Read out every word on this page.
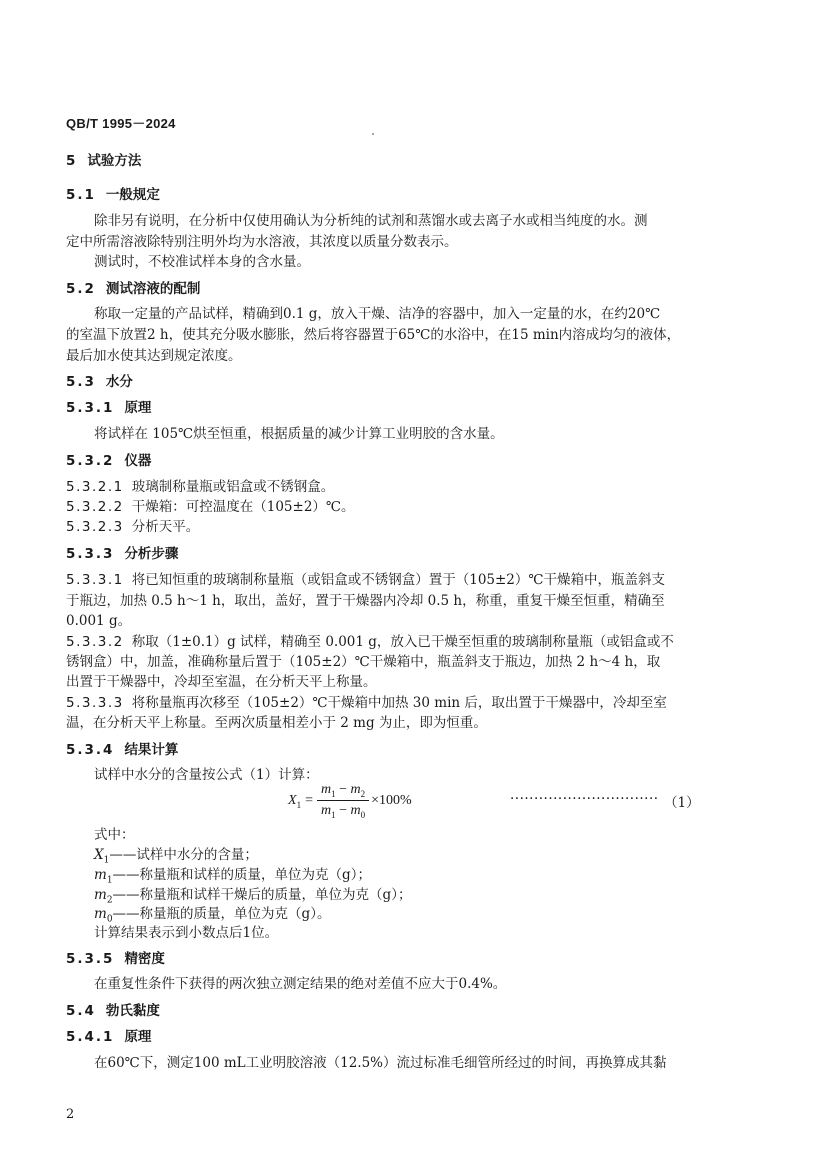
QB/T 1995－2024
5 试验方法
5.1 一般规定
除非另有说明，在分析中仅使用确认为分析纯的试剂和蒸馏水或去离子水或相当纯度的水。测
定中所需溶液除特别注明外均为水溶液，其浓度以质量分数表示。
测试时，不校准试样本身的含水量。
5.2 测试溶液的配制
称取一定量的产品试样，精确到0.1 g，放入干燥、洁净的容器中，加入一定量的水，在约20℃
的室温下放置2 h，使其充分吸水膨胀，然后将容器置于65℃的水浴中，在15 min内溶成均匀的液体，
最后加水使其达到规定浓度。
5.3 水分
5.3.1 原理
将试样在 105℃烘至恒重，根据质量的减少计算工业明胶的含水量。
5.3.2 仪器
5.3.2.1 玻璃制称量瓶或铝盒或不锈钢盒。
5.3.2.2 干燥箱：可控温度在（105±2）℃。
5.3.2.3 分析天平。
5.3.3 分析步骤
5.3.3.1 将已知恒重的玻璃制称量瓶（或铝盒或不锈钢盒）置于（105±2）℃干燥箱中，瓶盖斜支
于瓶边，加热 0.5 h～1 h，取出，盖好，置于干燥器内冷却 0.5 h，称重，重复干燥至恒重，精确至
0.001 g。
5.3.3.2 称取（1±0.1）g 试样，精确至 0.001 g，放入已干燥至恒重的玻璃制称量瓶（或铝盒或不
锈钢盒）中，加盖，准确称量后置于（105±2）℃干燥箱中，瓶盖斜支于瓶边，加热 2 h～4 h，取
出置于干燥器中，冷却至室温，在分析天平上称量。
5.3.3.3 将称量瓶再次移至（105±2）℃干燥箱中加热 30 min 后，取出置于干燥器中，冷却至室
温，在分析天平上称量。至两次质量相差小于 2 mg 为止，即为恒重。
5.3.4 结果计算
试样中水分的含量按公式（1）计算：
$X_1 = \frac{m_1 - m_2}{m_1 - m_0} \times 100\%$	······························· （1）
式中：
$X_1——$试样中水分的含量；
$m_1——$称量瓶和试样的质量，单位为克（g）；
$m_2——$称量瓶和试样干燥后的质量，单位为克（g）；
$m_0——$称量瓶的质量，单位为克（g）。
计算结果表示到小数点后1位。
5.3.5 精密度
在重复性条件下获得的两次独立测定结果的绝对差值不应大于0.4%。
5.4 勃氏黏度
5.4.1 原理
在60℃下，测定100 mL工业明胶溶液（12.5%）流过标准毛细管所经过的时间，再换算成其黏
2
